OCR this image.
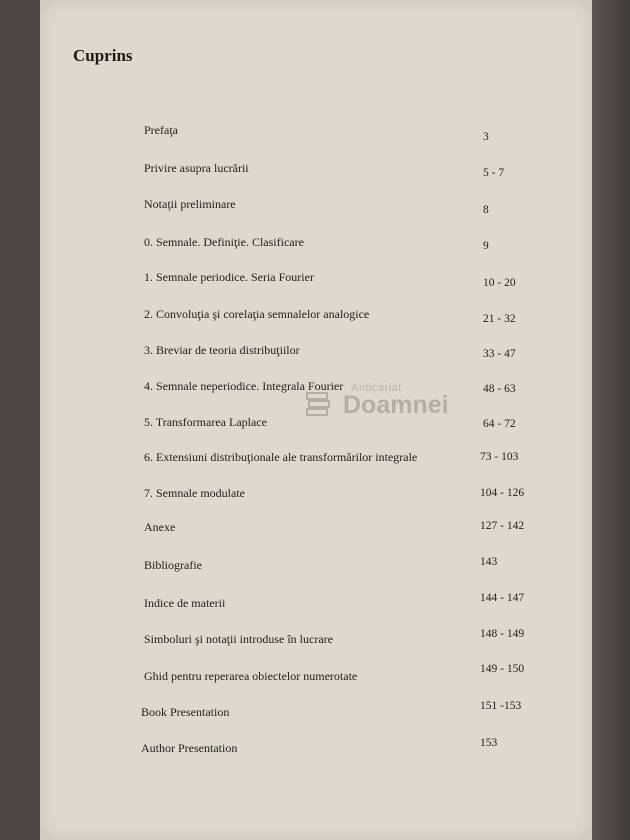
Cuprins
Prefaţa	3
Privire asupra lucrării	5 - 7
Notaţii preliminare	8
0. Semnale. Definiţie. Clasificare	9
1. Semnale periodice. Seria Fourier	10 - 20
2. Convoluţia şi corelaţia semnalelor analogice	21 - 32
3. Breviar de teoria distribuţiilor	33 - 47
4. Semnale neperiodice. Integrala Fourier	48 - 63
5. Transformarea Laplace	64 - 72
6. Extensiuni distribuţionale ale transformărilor integrale	73 - 103
7. Semnale modulate	104 - 126
Anexe	127 - 142
Bibliografie	143
Indice de materii	144 - 147
Simboluri şi notaţii introduse în lucrare	148 - 149
Ghid pentru reperarea obiectelor numerotate	149 - 150
Book Presentation	151 -153
Author Presentation	153
Anticariat
Doamnei
